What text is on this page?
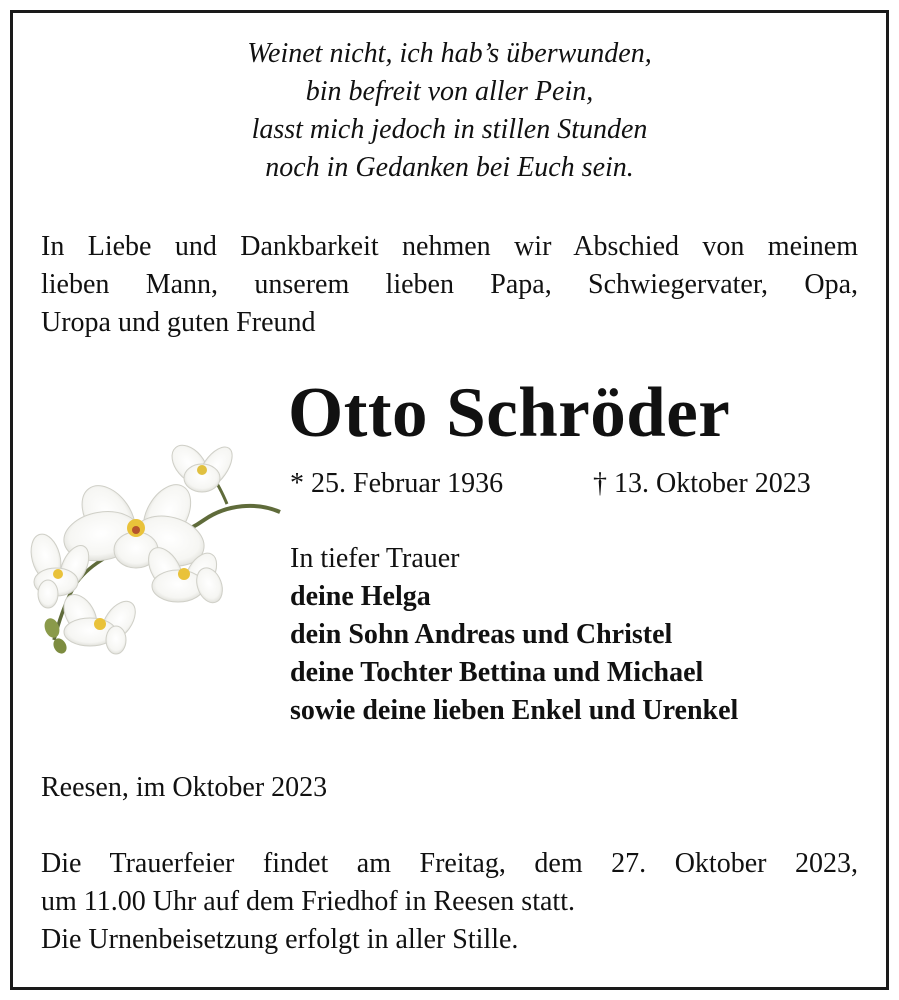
Weinet nicht, ich hab’s überwunden,
bin befreit von aller Pein,
lasst mich jedoch in stillen Stunden
noch in Gedanken bei Euch sein.
In Liebe und Dankbarkeit nehmen wir Abschied von meinem
lieben Mann, unserem lieben Papa, Schwiegervater, Opa,
Uropa und guten Freund
Otto Schröder
* 25. Februar 1936	† 13. Oktober 2023
In tiefer Trauer
deine Helga
dein Sohn Andreas und Christel
deine Tochter Bettina und Michael
sowie deine lieben Enkel und Urenkel
Reesen, im Oktober 2023
Die Trauerfeier findet am Freitag, dem 27. Oktober 2023,
um 11.00 Uhr auf dem Friedhof in Reesen statt.
Die Urnenbeisetzung erfolgt in aller Stille.
